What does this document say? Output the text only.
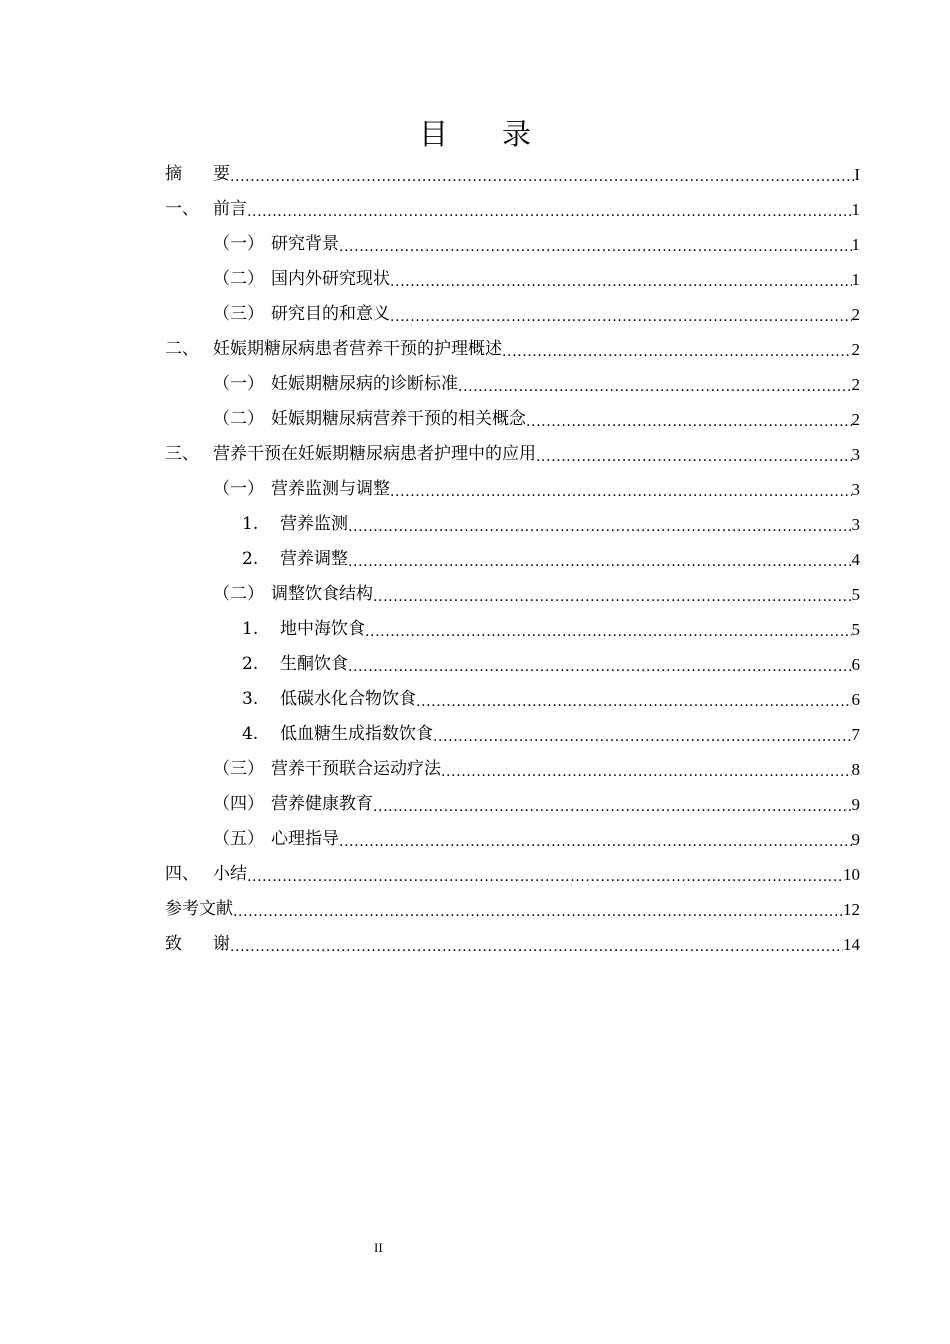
目 录
摘	要 .....	I
一、 前言 .....	1
（一） 研究背景 .....	1
（二） 国内外研究现状 .....	1
（三） 研究目的和意义 .....	2
二、 妊娠期糖尿病患者营养干预的护理概述 .....	2
（一） 妊娠期糖尿病的诊断标准 .....	2
（二） 妊娠期糖尿病营养干预的相关概念 .....	2
三、 营养干预在妊娠期糖尿病患者护理中的应用 .....	3
（一） 营养监测与调整 .....	3
1.	营养监测 .....	3
2.	营养调整 .....	4
（二） 调整饮食结构 .....	5
1.	地中海饮食 .....	5
2.	生酮饮食 .....	6
3.	低碳水化合物饮食 .....	6
4.	低血糖生成指数饮食 .....	7
（三） 营养干预联合运动疗法 .....	8
（四） 营养健康教育 .....	9
（五） 心理指导 .....	9
四、 小结 .....	10
参考文献 .....	12
致	谢 .....	14
II
